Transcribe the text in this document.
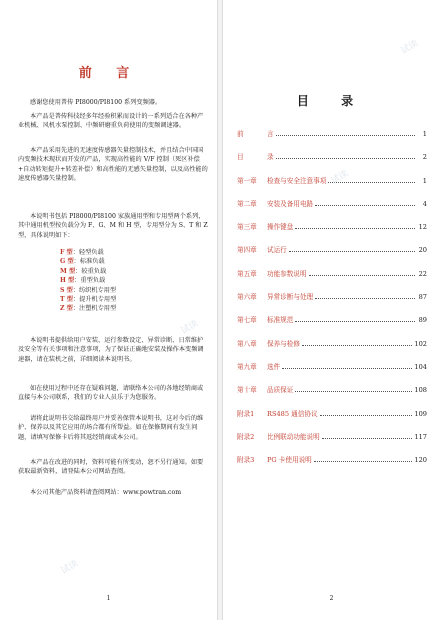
前 言

感谢您使用普传 PI8000/PI8100 系列变频器。

本产品是普传科技经多年经验积累而设计的一系列适合在各种产业机械、风机水泵控制、中频研磨重负荷使用的变频调速器。

本产品采用先进的无速度传感器矢量控制技术，并且结合中国国内变频技术现状而开发的产品，实现高性能的 V/F 控制（死区补偿+自动转矩提升+转差补偿）和高性能的无感矢量控制，以及高性能的速度传感器矢量控制。

本说明书包括 PI8000/PI8100 家族通用型和专用型两个系列，其中通用机型按负载分为 F、G、M 和 H 型，专用型分为 S、T 和 Z 型，具体说明如下：

F 型：轻型负载
G 型：标准负载
M 型：较重负载
H 型：重型负载
S 型：纺织机专用型
T 型：提升机专用型
Z 型：注塑机专用型

本说明书提供给用户安装、运行参数设定、异常诊断、日常维护及安全等有关事项和注意事项，为了保证正确地安装及操作本变频调速器，请在装机之前，详细阅读本说明书。

如在使用过程中还存在疑难问题，请联络本公司的各地经销商或直接与本公司联系，我们的专业人员乐于为您服务。

请将此说明书交给最终用户并妥善保管本说明书，这对今后的维护、保养以及其它应用的场合都有所帮益。如在保修期间有发生问题，请填写保修卡后将其返经销商或本公司。

本产品在改进的同时，资料可能有所变动，恕不另行通知。如要获取最新资料，请登陆本公司网站查阅。

本公司其他产品资料请查阅网站：www.powtran.com

1
目 录
前	言	1
目	录	2
第一章	检查与安全注意事项	1
第二章	安装及备用电路	4
第三章	操作键盘	12
第四章	试运行	20
第五章	功能参数说明	22
第六章	异常诊断与处理	87
第七章	标准规范	89
第八章	保养与检修	102
第九章	选件	104
第十章	品质保证	108
附录1	RS485 通信协议	109
附录2	比例联动功能说明	117
附录3	PG 卡使用说明	120
2
试读
试读
试读
试读
